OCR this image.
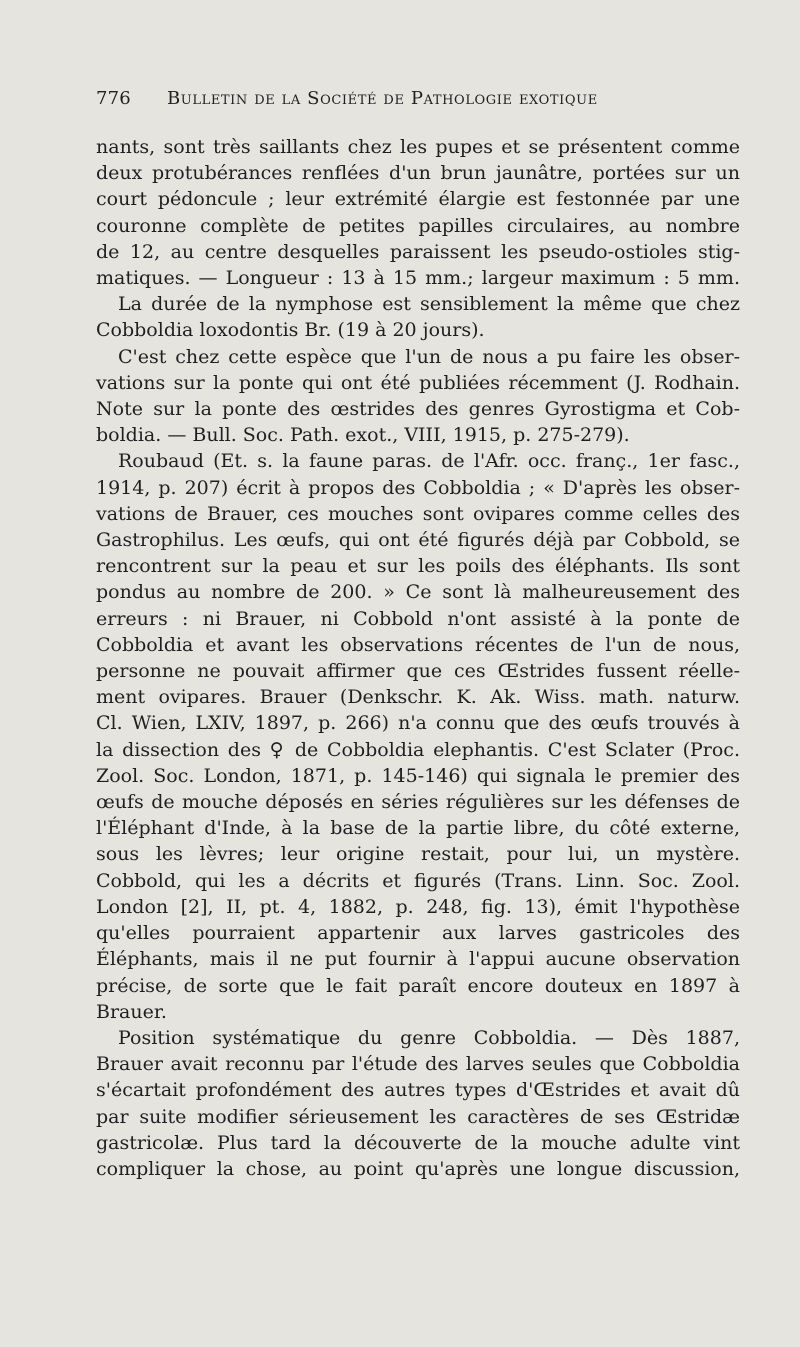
776 Bulletin de la Société de Pathologie exotique
nants, sont très saillants chez les pupes et se présentent comme
deux protubérances renflées d'un brun jaunâtre, portées sur un
court pédoncule ; leur extrémité élargie est festonnée par une
couronne complète de petites papilles circulaires, au nombre
de 12, au centre desquelles paraissent les pseudo-ostioles stig-
matiques. — Longueur : 13 à 15 mm.; largeur maximum : 5 mm.
La durée de la nymphose est sensiblement la même que chez
Cobboldia loxodontis Br. (19 à 20 jours).
C'est chez cette espèce que l'un de nous a pu faire les obser-
vations sur la ponte qui ont été publiées récemment (J. Rodhain.
Note sur la ponte des œstrides des genres Gyrostigma et Cob-
boldia. — Bull. Soc. Path. exot., VIII, 1915, p. 275-279).
Roubaud (Et. s. la faune paras. de l'Afr. occ. franç., 1er fasc.,
1914, p. 207) écrit à propos des Cobboldia ; « D'après les obser-
vations de Brauer, ces mouches sont ovipares comme celles des
Gastrophilus. Les œufs, qui ont été figurés déjà par Cobbold, se
rencontrent sur la peau et sur les poils des éléphants. Ils sont
pondus au nombre de 200. » Ce sont là malheureusement des
erreurs : ni Brauer, ni Cobbold n'ont assisté à la ponte de
Cobboldia et avant les observations récentes de l'un de nous,
personne ne pouvait affirmer que ces Œstrides fussent réelle-
ment ovipares. Brauer (Denkschr. K. Ak. Wiss. math. naturw.
Cl. Wien, LXIV, 1897, p. 266) n'a connu que des œufs trouvés à
la dissection des ♀ de Cobboldia elephantis. C'est Sclater (Proc.
Zool. Soc. London, 1871, p. 145-146) qui signala le premier des
œufs de mouche déposés en séries régulières sur les défenses de
l'Éléphant d'Inde, à la base de la partie libre, du côté externe,
sous les lèvres; leur origine restait, pour lui, un mystère.
Cobbold, qui les a décrits et figurés (Trans. Linn. Soc. Zool.
London [2], II, pt. 4, 1882, p. 248, fig. 13), émit l'hypothèse
qu'elles pourraient appartenir aux larves gastricoles des
Éléphants, mais il ne put fournir à l'appui aucune observation
précise, de sorte que le fait paraît encore douteux en 1897 à
Brauer.
Position systématique du genre Cobboldia. — Dès 1887,
Brauer avait reconnu par l'étude des larves seules que Cobboldia
s'écartait profondément des autres types d'Œstrides et avait dû
par suite modifier sérieusement les caractères de ses Œstridæ
gastricolæ. Plus tard la découverte de la mouche adulte vint
compliquer la chose, au point qu'après une longue discussion,
